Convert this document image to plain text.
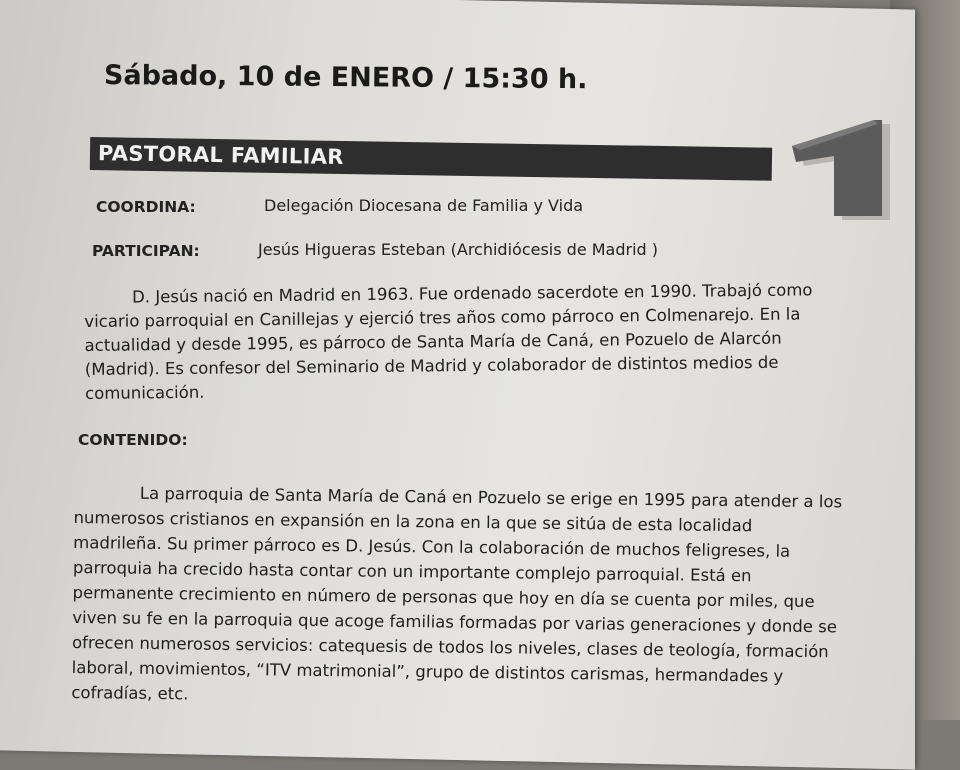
Sábado, 10 de ENERO / 15:30 h.
PASTORAL FAMILIAR
COORDINA:	Delegación Diocesana de Familia y Vida
PARTICIPAN:	Jesús Higueras Esteban (Archidiócesis de Madrid )
D. Jesús nació en Madrid en 1963. Fue ordenado sacerdote en 1990. Trabajó como
vicario parroquial en Canillejas y ejerció tres años como párroco en Colmenarejo. En la
actualidad y desde 1995, es párroco de Santa María de Caná, en Pozuelo de Alarcón
(Madrid). Es confesor del Seminario de Madrid y colaborador de distintos medios de
comunicación.
CONTENIDO:
La parroquia de Santa María de Caná en Pozuelo se erige en 1995 para atender a los
numerosos cristianos en expansión en la zona en la que se sitúa de esta localidad
madrileña. Su primer párroco es D. Jesús. Con la colaboración de muchos feligreses, la
parroquia ha crecido hasta contar con un importante complejo parroquial. Está en
permanente crecimiento en número de personas que hoy en día se cuenta por miles, que
viven su fe en la parroquia que acoge familias formadas por varias generaciones y donde se
ofrecen numerosos servicios: catequesis de todos los niveles, clases de teología, formación
laboral, movimientos, “ITV matrimonial”, grupo de distintos carismas, hermandades y
cofradías, etc.
